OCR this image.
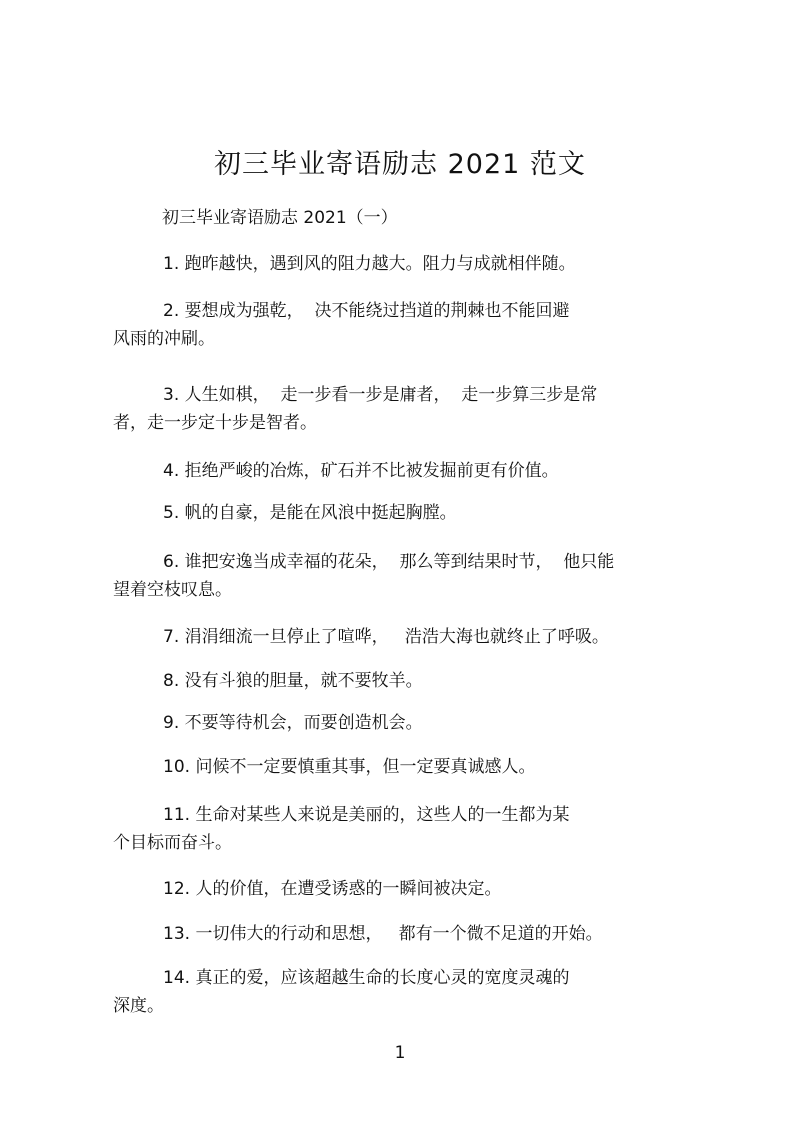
初三毕业寄语励志 2021 范文
初三毕业寄语励志 2021（一）
1. 跑昨越快，遇到风的阻力越大。阻力与成就相伴随。
2. 要想成为强乾，  决不能绕过挡道的荆棘也不能回避
风雨的冲刷。
3. 人生如棋，  走一步看一步是庸者，  走一步算三步是常
者，走一步定十步是智者。
4. 拒绝严峻的冶炼，矿石并不比被发掘前更有价值。
5. 帆的自豪，是能在风浪中挺起胸膛。
6. 谁把安逸当成幸福的花朵，  那么等到结果时节，  他只能
望着空枝叹息。
7. 涓涓细流一旦停止了喧哗，   浩浩大海也就终止了呼吸。
8. 没有斗狼的胆量，就不要牧羊。
9. 不要等待机会，而要创造机会。
10. 问候不一定要慎重其事，但一定要真诚感人。
11. 生命对某些人来说是美丽的，这些人的一生都为某
个目标而奋斗。
12. 人的价值，在遭受诱惑的一瞬间被决定。
13. 一切伟大的行动和思想，   都有一个微不足道的开始。
14. 真正的爱，应该超越生命的长度心灵的宽度灵魂的
深度。
1
